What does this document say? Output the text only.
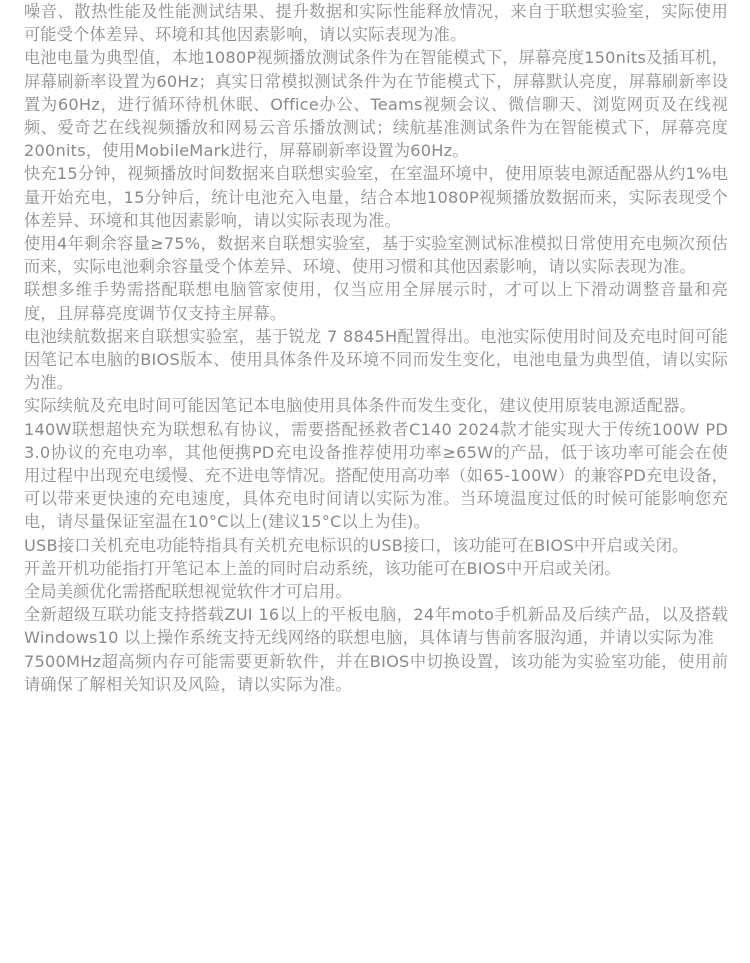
噪音、散热性能及性能测试结果、提升数据和实际性能释放情况，来自于联想实验室，实际使用可能受个体差异、环境和其他因素影响，请以实际表现为准。

电池电量为典型值，本地1080P视频播放测试条件为在智能模式下，屏幕亮度150nits及插耳机，屏幕刷新率设置为60Hz；真实日常模拟测试条件为在节能模式下，屏幕默认亮度，屏幕刷新率设置为60Hz，进行循环待机休眠、Office办公、Teams视频会议、微信聊天、浏览网页及在线视频、爱奇艺在线视频播放和网易云音乐播放测试；续航基准测试条件为在智能模式下，屏幕亮度200nits，使用MobileMark进行，屏幕刷新率设置为60Hz。

快充15分钟，视频播放时间数据来自联想实验室，在室温环境中，使用原装电源适配器从约1%电量开始充电，15分钟后，统计电池充入电量，结合本地1080P视频播放数据而来，实际表现受个体差异、环境和其他因素影响，请以实际表现为准。

使用4年剩余容量≥75%，数据来自联想实验室，基于实验室测试标准模拟日常使用充电频次预估而来，实际电池剩余容量受个体差异、环境、使用习惯和其他因素影响，请以实际表现为准。

联想多维手势需搭配联想电脑管家使用，仅当应用全屏展示时，才可以上下滑动调整音量和亮度，且屏幕亮度调节仅支持主屏幕。

电池续航数据来自联想实验室，基于锐龙 7 8845H配置得出。电池实际使用时间及充电时间可能因笔记本电脑的BIOS版本、使用具体条件及环境不同而发生变化，电池电量为典型值，请以实际为准。

实际续航及充电时间可能因笔记本电脑使用具体条件而发生变化，建议使用原装电源适配器。

140W联想超快充为联想私有协议，需要搭配拯救者C140 2024款才能实现大于传统100W PD 3.0协议的充电功率，其他便携PD充电设备推荐使用功率≥65W的产品，低于该功率可能会在使用过程中出现充电缓慢、充不进电等情况。搭配使用高功率（如65-100W）的兼容PD充电设备，可以带来更快速的充电速度，具体充电时间请以实际为准。当环境温度过低的时候可能影响您充电，请尽量保证室温在10°C以上(建议15°C以上为佳)。

USB接口关机充电功能特指具有关机充电标识的USB接口，该功能可在BIOS中开启或关闭。

开盖开机功能指打开笔记本上盖的同时启动系统，该功能可在BIOS中开启或关闭。

全局美颜优化需搭配联想视觉软件才可启用。

全新超级互联功能支持搭载ZUI 16以上的平板电脑，24年moto手机新品及后续产品，以及搭载Windows10 以上操作系统支持无线网络的联想电脑，具体请与售前客服沟通，并请以实际为准

7500MHz超高频内存可能需要更新软件，并在BIOS中切换设置，该功能为实验室功能，使用前请确保了解相关知识及风险，请以实际为准。
